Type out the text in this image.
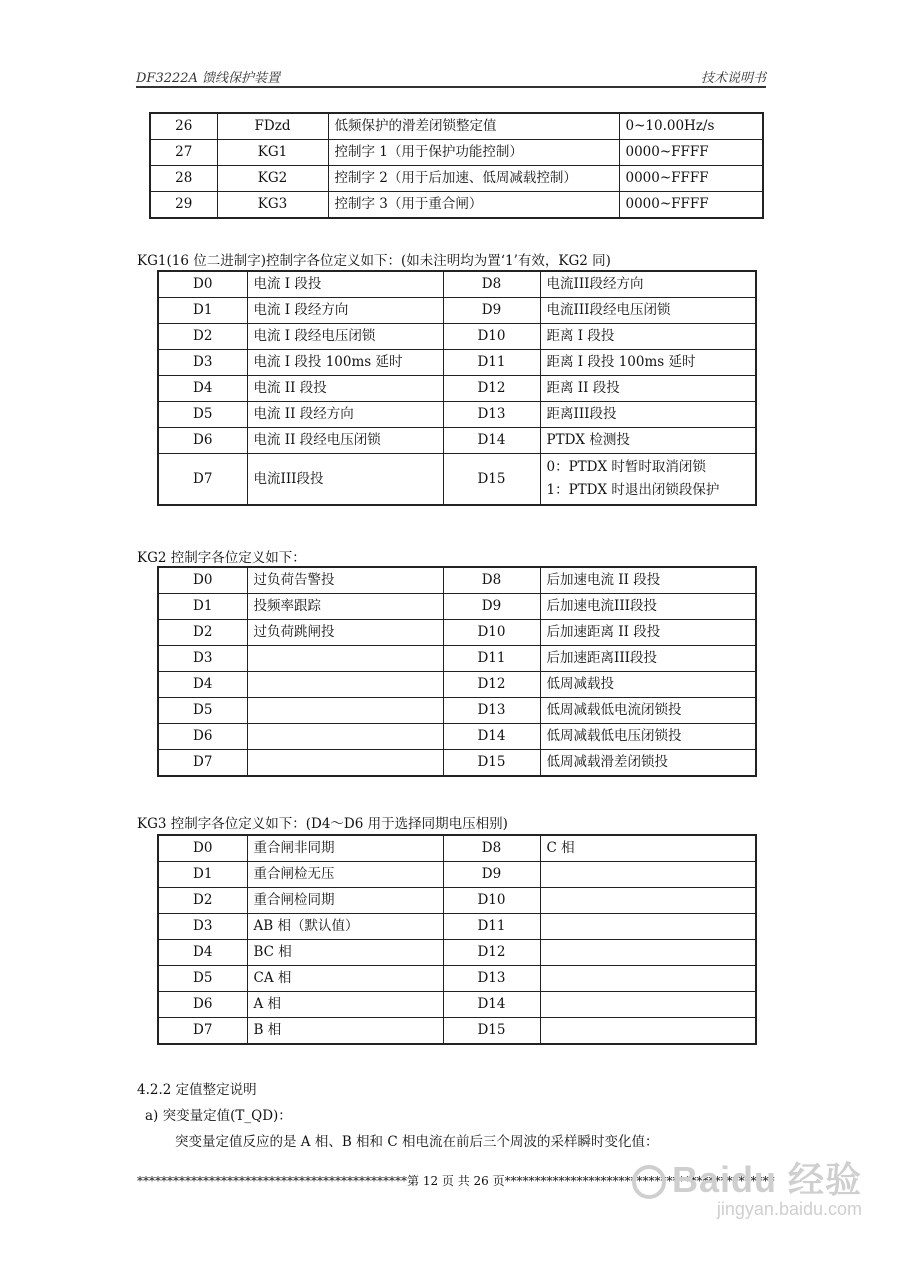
DF3222A 馈线保护装置	技术说明书
26	FDzd	低频保护的滑差闭锁整定值	0~10.00Hz/s
27	KG1	控制字 1（用于保护功能控制）	0000~FFFF
28	KG2	控制字 2（用于后加速、低周减载控制）	0000~FFFF
29	KG3	控制字 3（用于重合闸）	0000~FFFF
KG1(16 位二进制字)控制字各位定义如下：(如未注明均为置‘1’有效，KG2 同)
D0	电流 I 段投	D8	电流III段经方向
D1	电流 I 段经方向	D9	电流III段经电压闭锁
D2	电流 I 段经电压闭锁	D10	距离 I 段投
D3	电流 I 段投 100ms 延时	D11	距离 I 段投 100ms 延时
D4	电流 II 段投	D12	距离 II 段投
D5	电流 II 段经方向	D13	距离III段投
D6	电流 II 段经电压闭锁	D14	PTDX 检测投
D7	电流III段投	D15	0：PTDX 时暂时取消闭锁
1：PTDX 时退出闭锁段保护
KG2 控制字各位定义如下：
D0	过负荷告警投	D8	后加速电流 II 段投
D1	投频率跟踪	D9	后加速电流III段投
D2	过负荷跳闸投	D10	后加速距离 II 段投
D3		D11	后加速距离III段投
D4		D12	低周减载投
D5		D13	低周减载低电流闭锁投
D6		D14	低周减载低电压闭锁投
D7		D15	低周减载滑差闭锁投
KG3 控制字各位定义如下：(D4～D6 用于选择同期电压相别)
D0	重合闸非同期	D8	C 相
D1	重合闸检无压	D9	
D2	重合闸检同期	D10	
D3	AB 相（默认值）	D11	
D4	BC 相	D12	
D5	CA 相	D13	
D6	A 相	D14	
D7	B 相	D15	
4.2.2 定值整定说明
a) 突变量定值(T_QD)：
突变量定值反应的是 A 相、B 相和 C 相电流在前后三个周波的采样瞬时变化值：
*********************************************第 12 页 共 26 页*********************************************
Baidu 经验
jingyan.baidu.com
